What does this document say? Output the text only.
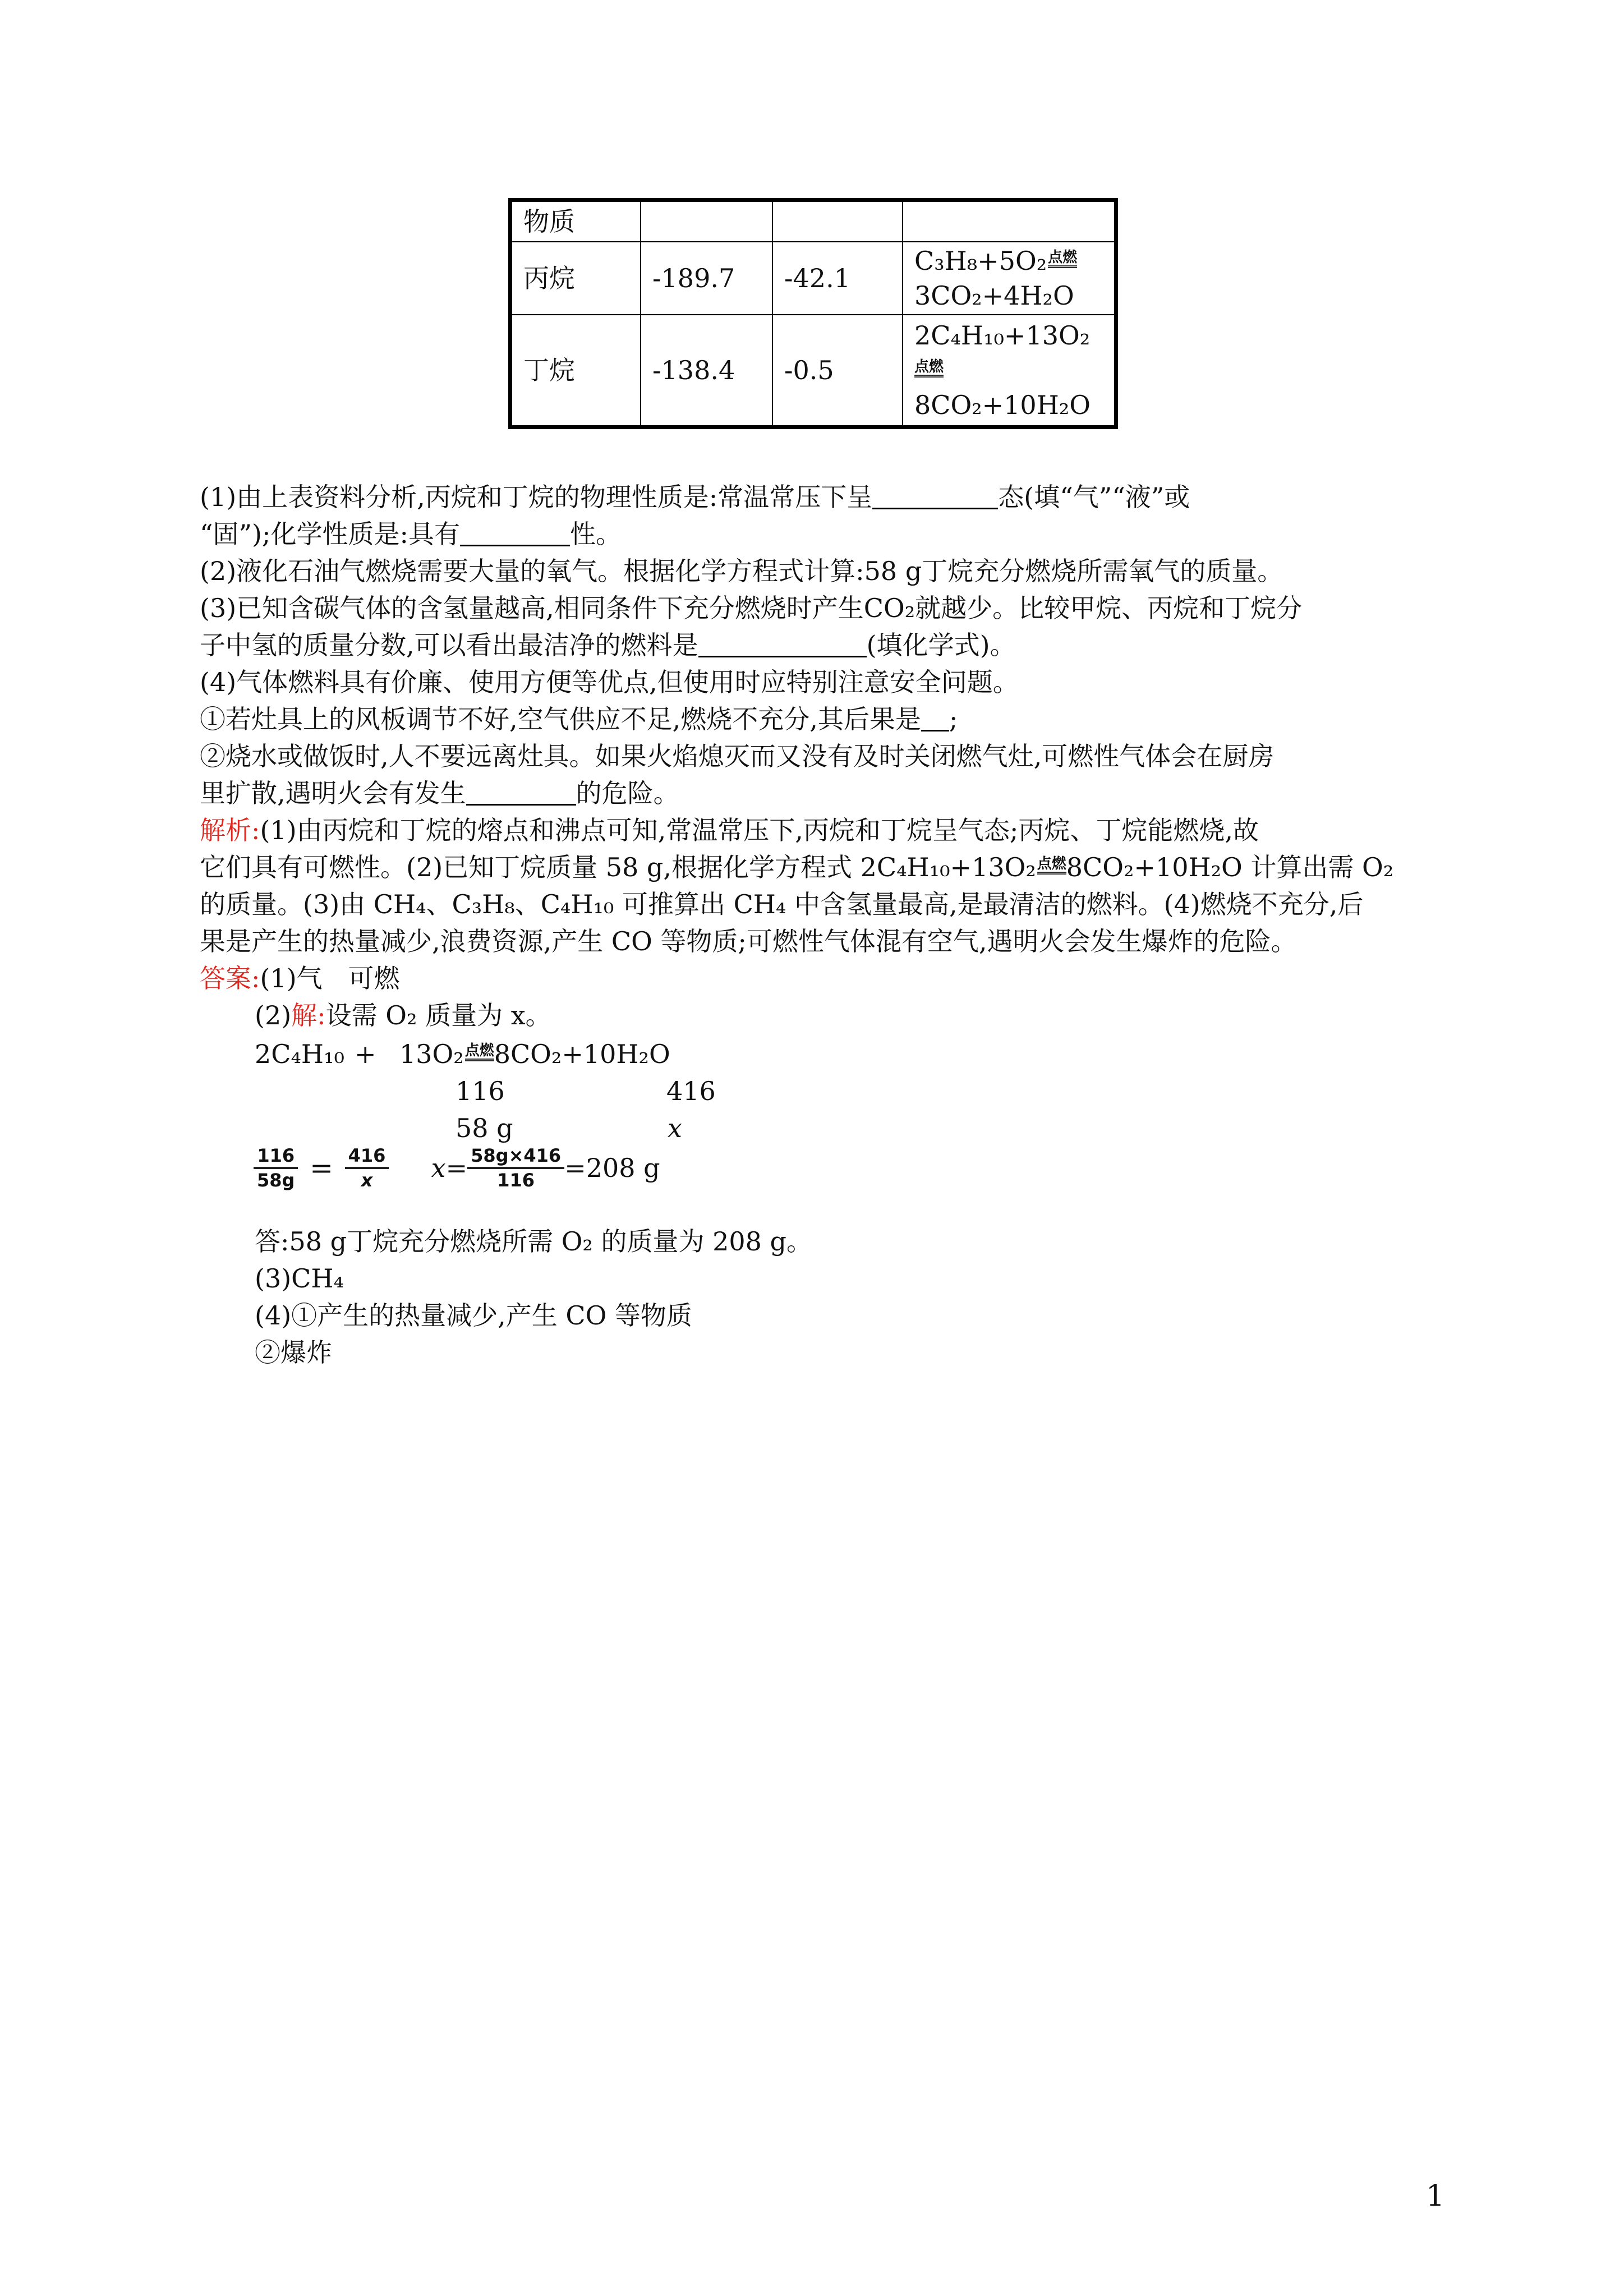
物质			
丙烷	-189.7	-42.1	C₃H₈+5O₂点燃
3CO₂+4H₂O
丁烷	-138.4	-0.5	2C₄H₁₀+13O₂
点燃
8CO₂+10H₂O
(1)由上表资料分析,丙烷和丁烷的物理性质是:常温常压下呈	态(填“气”“液”或
“固”);化学性质是:具有	性。
(2)液化石油气燃烧需要大量的氧气。根据化学方程式计算:58 g丁烷充分燃烧所需氧气的质量。
(3)已知含碳气体的含氢量越高,相同条件下充分燃烧时产生CO₂就越少。比较甲烷、丙烷和丁烷分
子中氢的质量分数,可以看出最洁净的燃料是	(填化学式)。
(4)气体燃料具有价廉、使用方便等优点,但使用时应特别注意安全问题。
①若灶具上的风板调节不好,空气供应不足,燃烧不充分,其后果是 ;
②烧水或做饭时,人不要远离灶具。如果火焰熄灭而又没有及时关闭燃气灶,可燃性气体会在厨房
里扩散,遇明火会有发生	的危险。
解析:(1)由丙烷和丁烷的熔点和沸点可知,常温常压下,丙烷和丁烷呈气态;丙烷、丁烷能燃烧,故
它们具有可燃性。(2)已知丁烷质量 58 g,根据化学方程式 2C₄H₁₀+13O₂点燃8CO₂+10H₂O 计算出需 O₂
的质量。(3)由 CH₄、C₃H₈、C₄H₁₀ 可推算出 CH₄ 中含氢量最高,是最清洁的燃料。(4)燃烧不充分,后
果是产生的热量减少,浪费资源,产生 CO 等物质;可燃性气体混有空气,遇明火会发生爆炸的危险。
答案:(1)气　可燃
(2)解:设需 O₂ 质量为 x。
2C₄H₁₀ + 13O₂点燃8CO₂+10H₂O
116	416
58 g	x
$\frac{116}{58g} = \frac{416}{x} x= \frac{58g\times 416}{116} =208$ g
答:58 g丁烷充分燃烧所需 O₂ 的质量为 208 g。
(3)CH₄
(4)①产生的热量减少,产生 CO 等物质
②爆炸
1
